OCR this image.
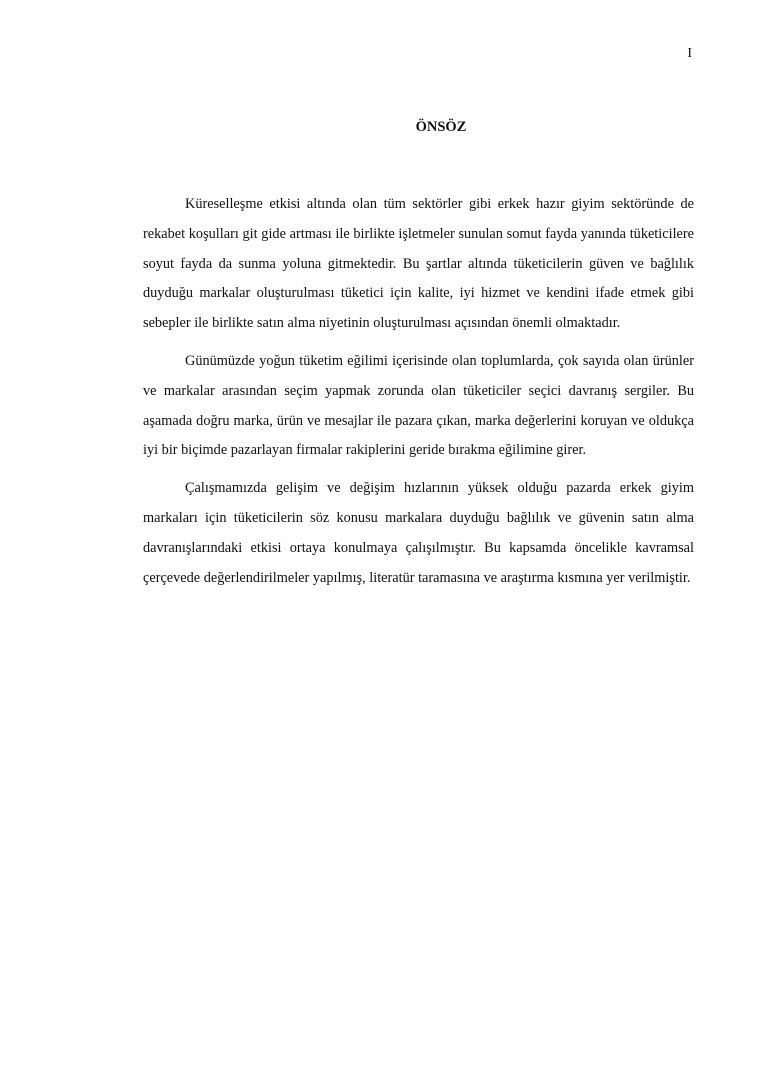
I
ÖNSÖZ

Küreselleşme etkisi altında olan tüm sektörler gibi erkek hazır giyim sektöründe de rekabet koşulları git gide artması ile birlikte işletmeler sunulan somut fayda yanında tüketicilere soyut fayda da sunma yoluna gitmektedir. Bu şartlar altında tüketicilerin güven ve bağlılık duyduğu markalar oluşturulması tüketici için kalite, iyi hizmet ve kendini ifade etmek gibi sebepler ile birlikte satın alma niyetinin oluşturulması açısından önemli olmaktadır.

Günümüzde yoğun tüketim eğilimi içerisinde olan toplumlarda, çok sayıda olan ürünler ve markalar arasından seçim yapmak zorunda olan tüketiciler seçici davranış sergiler. Bu aşamada doğru marka, ürün ve mesajlar ile pazara çıkan, marka değerlerini koruyan ve oldukça iyi bir biçimde pazarlayan firmalar rakiplerini geride bırakma eğilimine girer.

Çalışmamızda gelişim ve değişim hızlarının yüksek olduğu pazarda erkek giyim markaları için tüketicilerin söz konusu markalara duyduğu bağlılık ve güvenin satın alma davranışlarındaki etkisi ortaya konulmaya çalışılmıştır. Bu kapsamda öncelikle kavramsal çerçevede değerlendirilmeler yapılmış, literatür taramasına ve araştırma kısmına yer verilmiştir.
